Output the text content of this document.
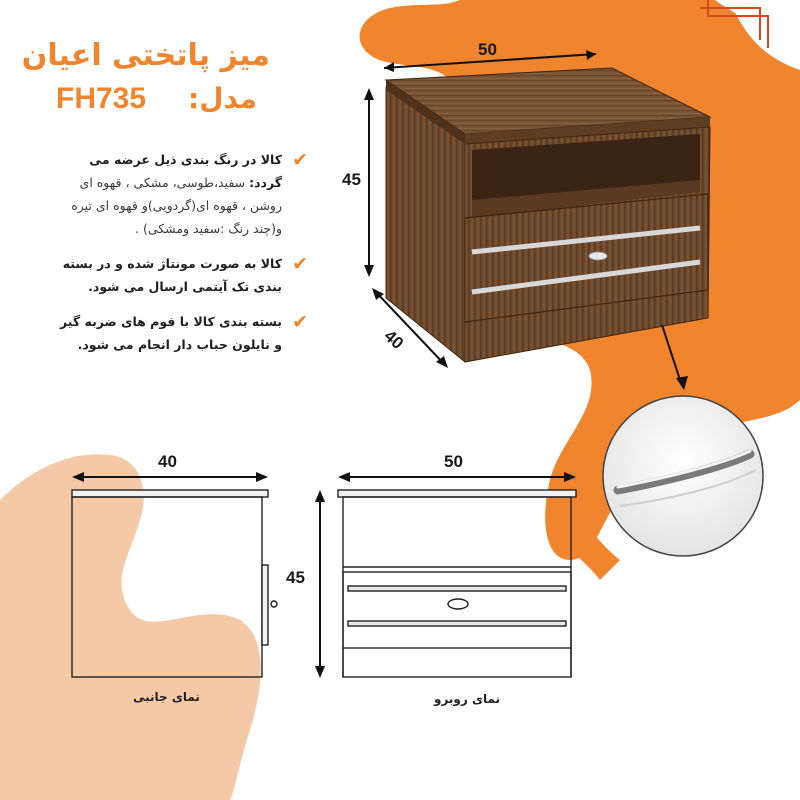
میز پاتختی اعیان
مدل:
FH735
✔
کالا در رنگ بندی ذیل عرضه می گردد: سفید،طوسی، مشکی ، قهوه ای روشن ، قهوه ای(گردویی)و قهوه ای تیره و(چند رنگ :سفید ومشکی) .
✔
کالا به صورت مونتاژ شده و در بسته بندی تک آیتمی ارسال می شود.
✔
بسته بندی کالا با فوم های ضربه گیر و نایلون حباب دار انجام می شود.
50
45
40
40	50
45
نمای جانبی	نمای روبرو
